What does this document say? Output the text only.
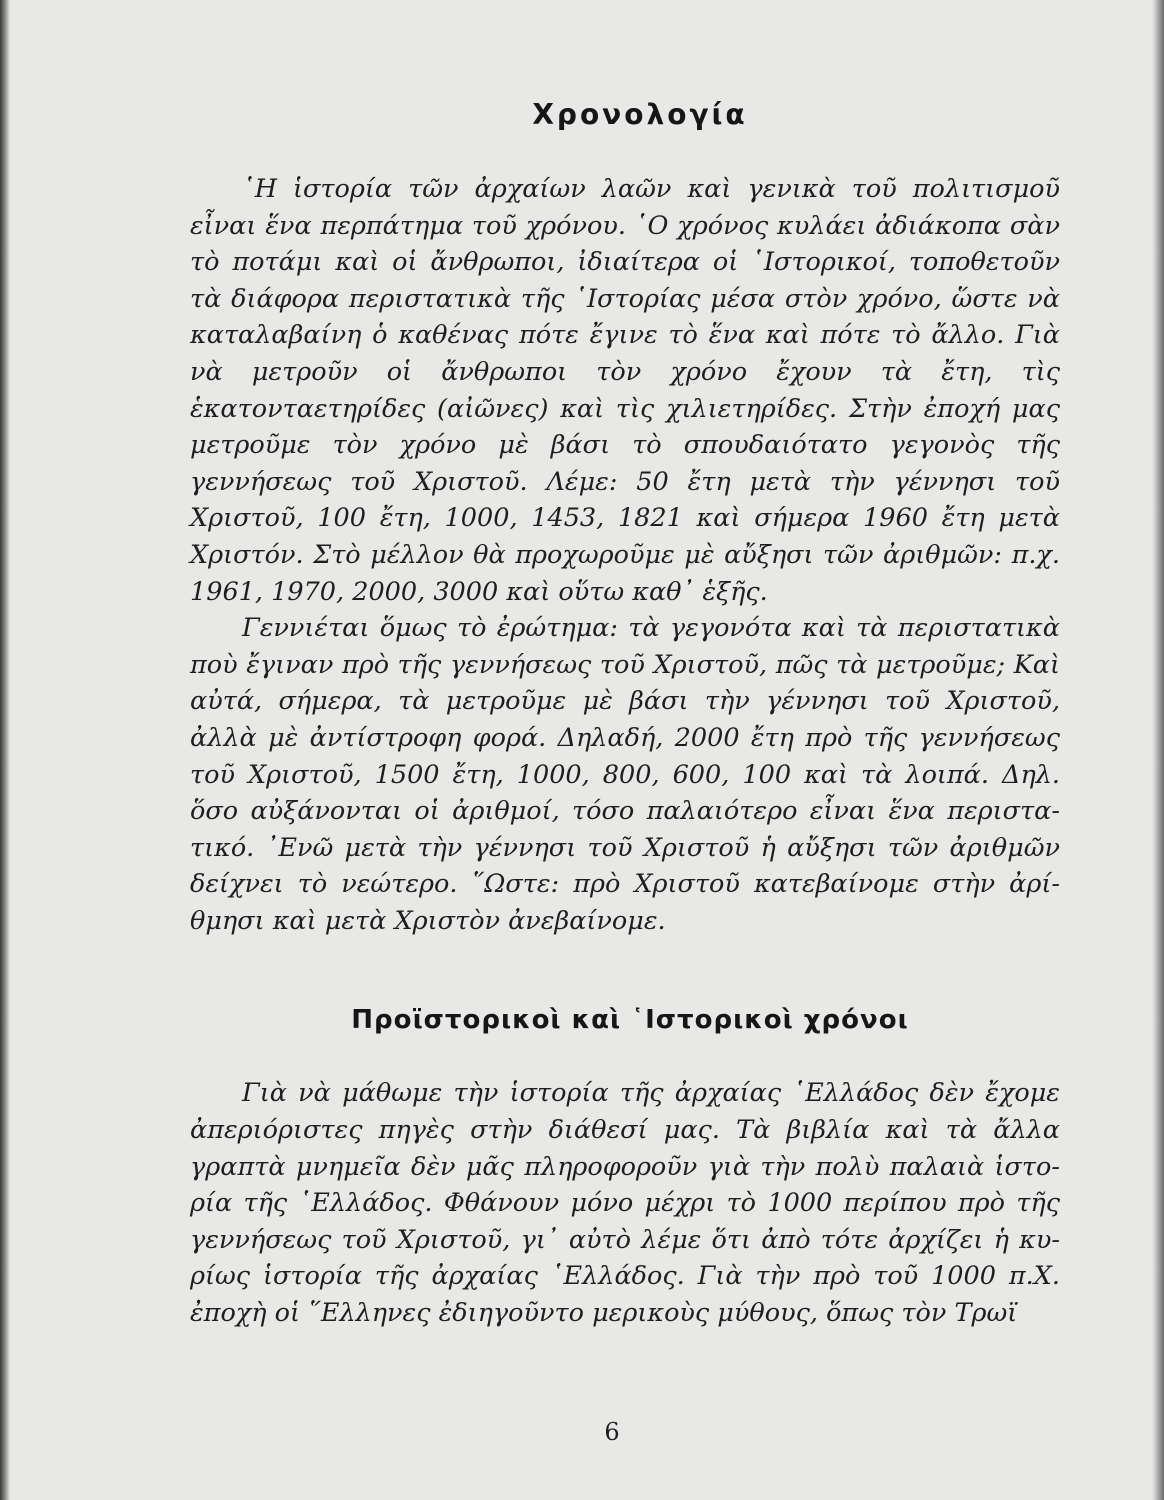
Χρονολογία

῾Η ἱστορία τῶν ἀρχαίων λαῶν καὶ γενικὰ τοῦ πολιτισμοῦ εἶναι ἕνα περπάτημα τοῦ χρόνου. ῾Ο χρόνος κυλάει ἀδιάκοπα σὰν τὸ ποτάμι καὶ οἱ ἄνθρωποι, ἰδιαίτερα οἱ ῾Ιστορικοί, τοποθετοῦν τὰ διάφορα περιστατικὰ τῆς ῾Ιστορίας μέσα στὸν χρόνο, ὥστε νὰ καταλαβαίνη ὁ καθένας πότε ἔγινε τὸ ἕνα καὶ πότε τὸ ἄλλο. Γιὰ νὰ μετροῦν οἱ ἄνθρωποι τὸν χρόνο ἔχουν τὰ ἔτη, τὶς ἑκατονταετηρίδες (αἰῶνες) καὶ τὶς χιλιετηρίδες. Στὴν ἐποχή μας μετροῦμε τὸν χρόνο μὲ βάσι τὸ σπουδαιότατο γεγονὸς τῆς γεννήσεως τοῦ Χριστοῦ. Λέμε: 50 ἔτη μετὰ τὴν γέννησι τοῦ Χριστοῦ, 100 ἔτη, 1000, 1453, 1821 καὶ σήμερα 1960 ἔτη μετὰ Χριστόν. Στὸ μέλλον θὰ προχωροῦμε μὲ αὔξησι τῶν ἀριθμῶν: π.χ. 1961, 1970, 2000, 3000 καὶ οὕτω καθ᾽ ἑξῆς.

Γεννιέται ὅμως τὸ ἐρώτημα: τὰ γεγονότα καὶ τὰ περιστατικὰ ποὺ ἔγιναν πρὸ τῆς γεννήσεως τοῦ Χριστοῦ, πῶς τὰ μετροῦμε; Καὶ αὐτά, σήμερα, τὰ μετροῦμε μὲ βάσι τὴν γέννησι τοῦ Χριστοῦ, ἀλλὰ μὲ ἀντίστροφη φορά. Δηλαδή, 2000 ἔτη πρὸ τῆς γεννήσεως τοῦ Χριστοῦ, 1500 ἔτη, 1000, 800, 600, 100 καὶ τὰ λοιπά. Δηλ. ὅσο αὐξάνονται οἱ ἀριθμοί, τόσο παλαιότερο εἶναι ἕνα περιστατικό. ᾽Ενῶ μετὰ τὴν γέννησι τοῦ Χριστοῦ ἡ αὔξησι τῶν ἀριθμῶν δείχνει τὸ νεώτερο. ῞Ωστε: πρὸ Χριστοῦ κατεβαίνομε στὴν ἀρίθμησι καὶ μετὰ Χριστὸν ἀνεβαίνομε.

Προϊστορικοὶ καὶ ῾Ιστορικοὶ χρόνοι

Γιὰ νὰ μάθωμε τὴν ἱστορία τῆς ἀρχαίας ῾Ελλάδος δὲν ἔχομε ἀπεριόριστες πηγὲς στὴν διάθεσί μας. Τὰ βιβλία καὶ τὰ ἄλλα γραπτὰ μνημεῖα δὲν μᾶς πληροφοροῦν γιὰ τὴν πολὺ παλαιὰ ἱστορία τῆς ῾Ελλάδος. Φθάνουν μόνο μέχρι τὸ 1000 περίπου πρὸ τῆς γεννήσεως τοῦ Χριστοῦ, γι᾽ αὐτὸ λέμε ὅτι ἀπὸ τότε ἀρχίζει ἡ κυρίως ἱστορία τῆς ἀρχαίας ῾Ελλάδος. Γιὰ τὴν πρὸ τοῦ 1000 π.Χ. ἐποχὴ οἱ ῞Ελληνες ἐδιηγοῦντο μερικοὺς μύθους, ὅπως τὸν Τρωϊ

6
